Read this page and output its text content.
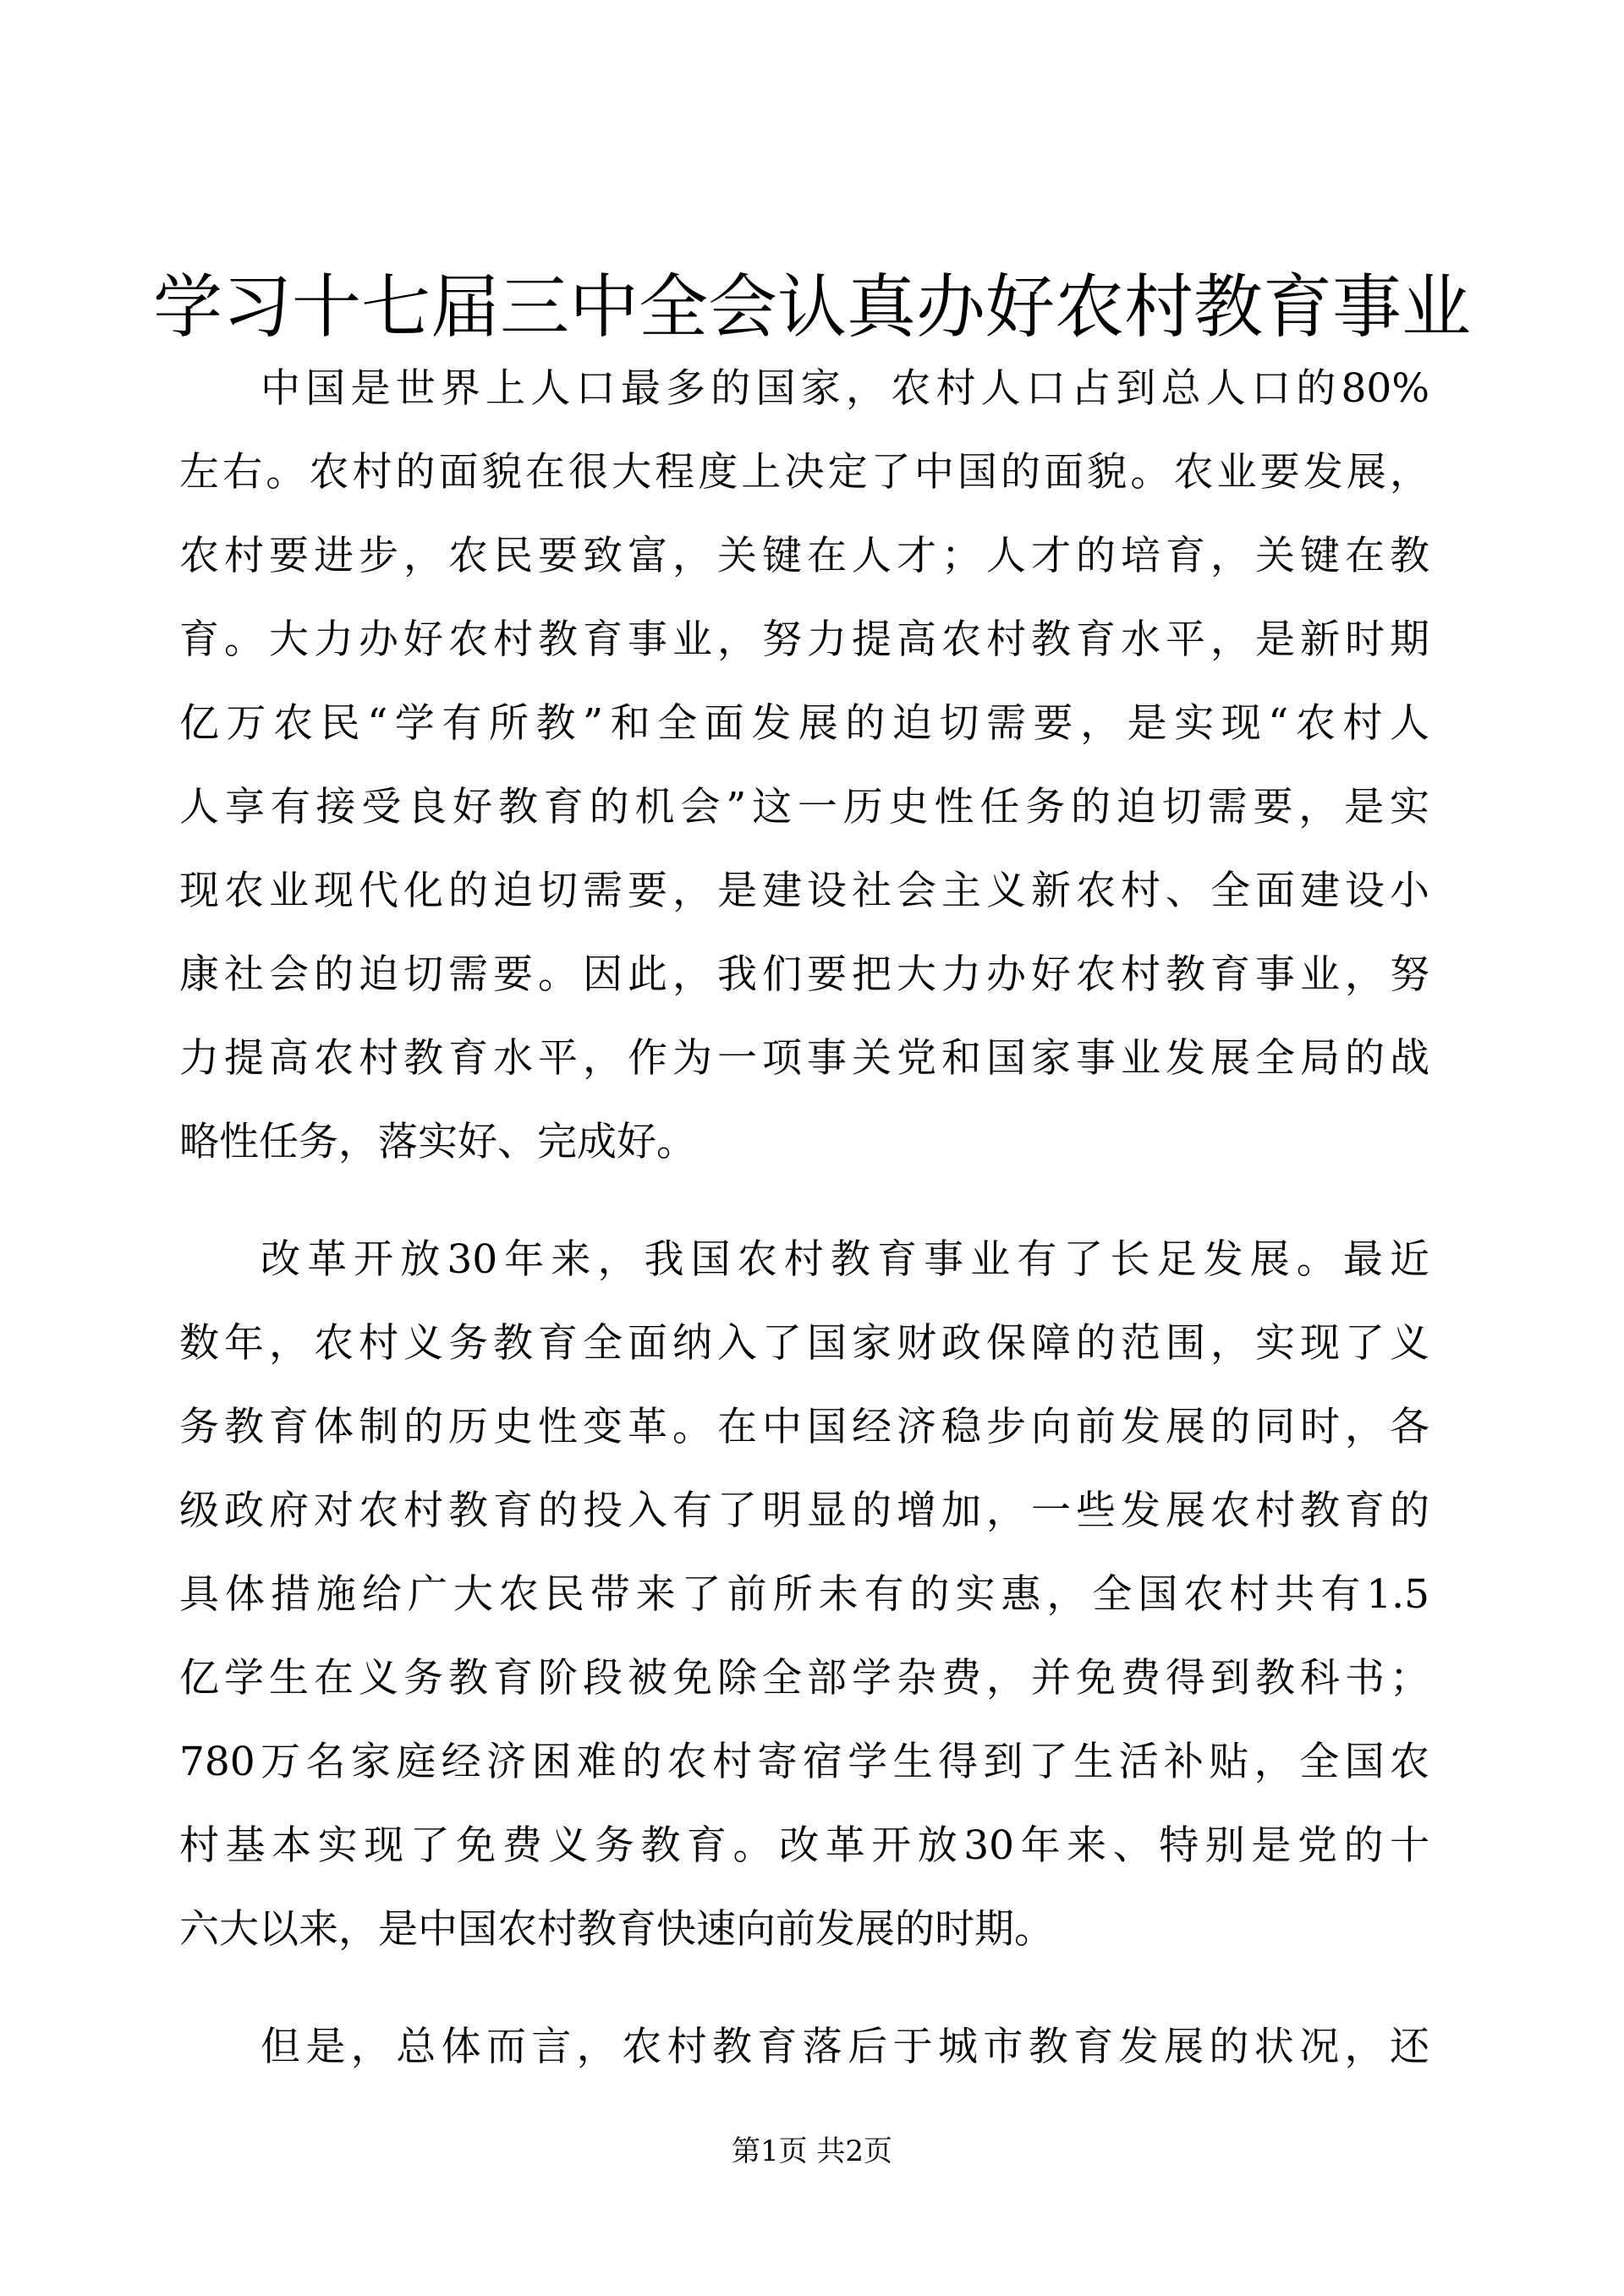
学习十七届三中全会认真办好农村教育事业
中国是世界上人口最多的国家，农村人口占到总人口的80%
左右。农村的面貌在很大程度上决定了中国的面貌。农业要发展，
农村要进步，农民要致富，关键在人才；人才的培育，关键在教
育。大力办好农村教育事业，努力提高农村教育水平，是新时期
亿万农民“学有所教”和全面发展的迫切需要，是实现“农村人
人享有接受良好教育的机会”这一历史性任务的迫切需要，是实
现农业现代化的迫切需要，是建设社会主义新农村、全面建设小
康社会的迫切需要。因此，我们要把大力办好农村教育事业，努
力提高农村教育水平，作为一项事关党和国家事业发展全局的战
略性任务，落实好、完成好。
改革开放30年来，我国农村教育事业有了长足发展。最近
数年，农村义务教育全面纳入了国家财政保障的范围，实现了义
务教育体制的历史性变革。在中国经济稳步向前发展的同时，各
级政府对农村教育的投入有了明显的增加，一些发展农村教育的
具体措施给广大农民带来了前所未有的实惠，全国农村共有1.5
亿学生在义务教育阶段被免除全部学杂费，并免费得到教科书；
780万名家庭经济困难的农村寄宿学生得到了生活补贴，全国农
村基本实现了免费义务教育。改革开放30年来、特别是党的十
六大以来，是中国农村教育快速向前发展的时期。
但是，总体而言，农村教育落后于城市教育发展的状况，还
第1页 共2页
